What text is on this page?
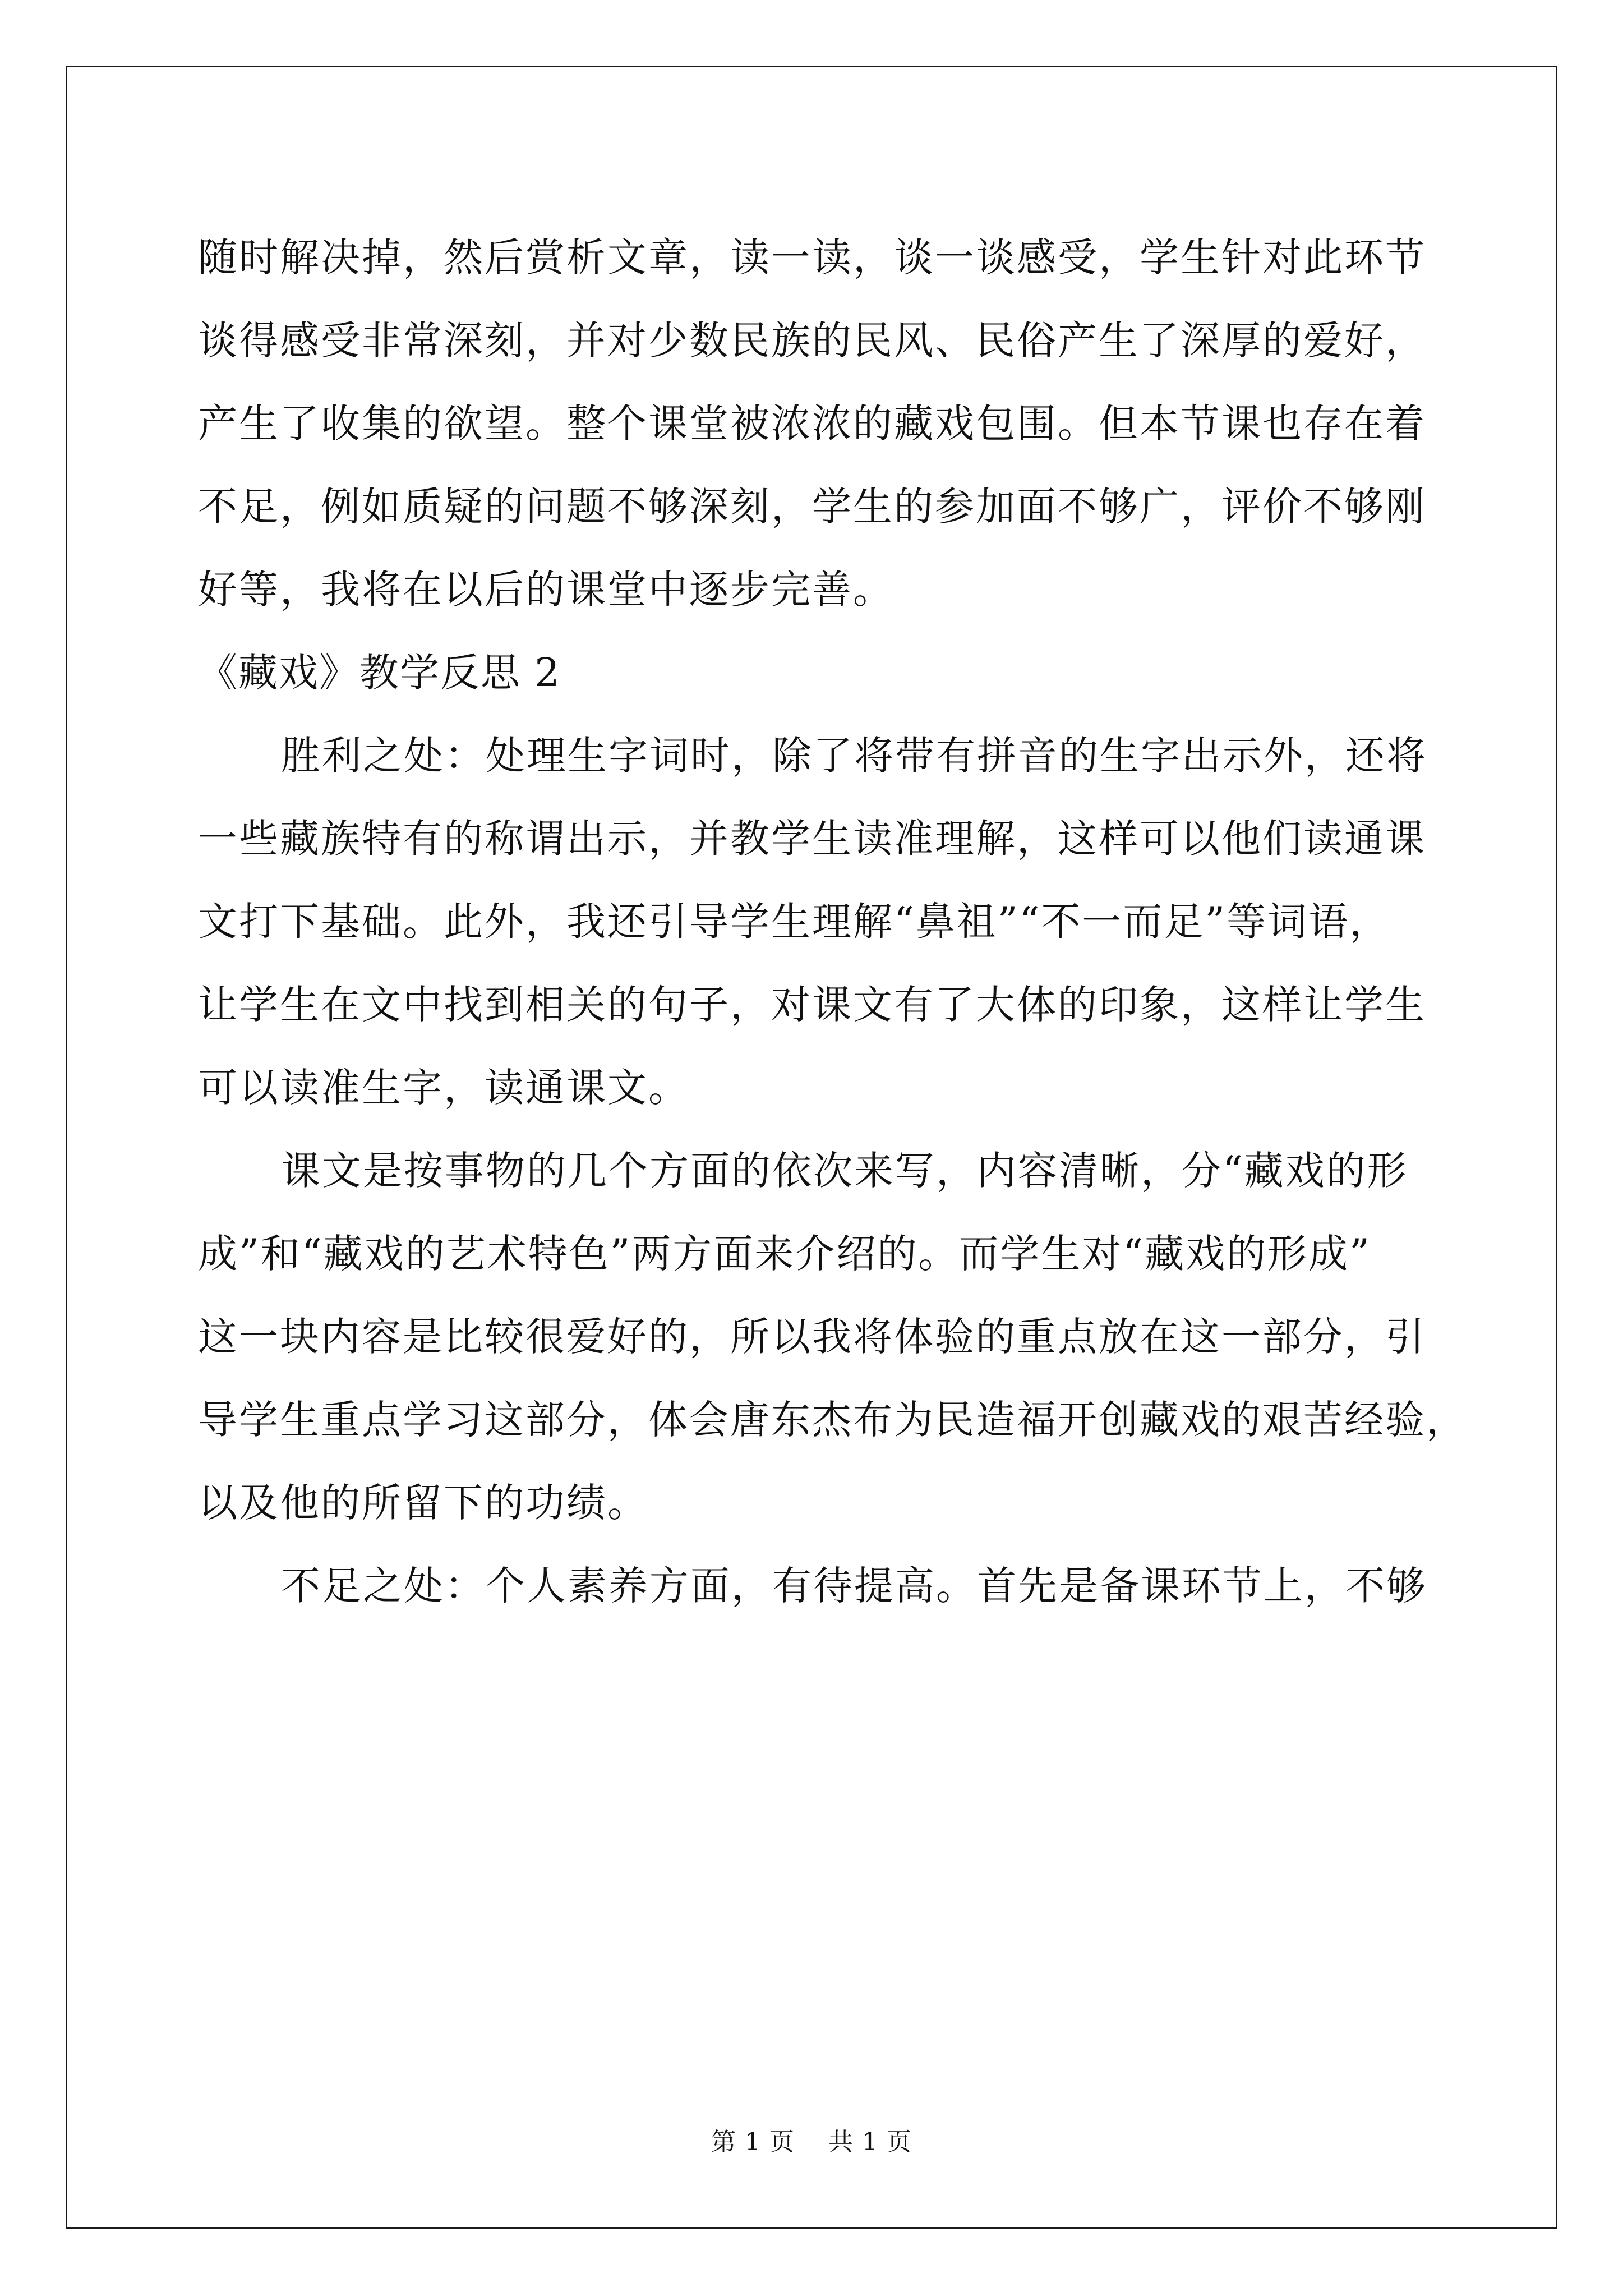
随时解决掉，然后赏析文章，读一读，谈一谈感受，学生针对此环节
谈得感受非常深刻，并对少数民族的民风、民俗产生了深厚的爱好，
产生了收集的欲望。整个课堂被浓浓的藏戏包围。但本节课也存在着
不足，例如质疑的问题不够深刻，学生的参加面不够广，评价不够刚
好等，我将在以后的课堂中逐步完善。
《藏戏》教学反思 2
胜利之处：处理生字词时，除了将带有拼音的生字出示外，还将
一些藏族特有的称谓出示，并教学生读准理解，这样可以他们读通课
文打下基础。此外，我还引导学生理解“鼻祖”“不一而足”等词语，
让学生在文中找到相关的句子，对课文有了大体的印象，这样让学生
可以读准生字，读通课文。
课文是按事物的几个方面的依次来写，内容清晰，分“藏戏的形
成”和“藏戏的艺术特色”两方面来介绍的。而学生对“藏戏的形成”
这一块内容是比较很爱好的，所以我将体验的重点放在这一部分，引
导学生重点学习这部分，体会唐东杰布为民造福开创藏戏的艰苦经验，
以及他的所留下的功绩。
不足之处：个人素养方面，有待提高。首先是备课环节上，不够
第 1 页    共 1 页
